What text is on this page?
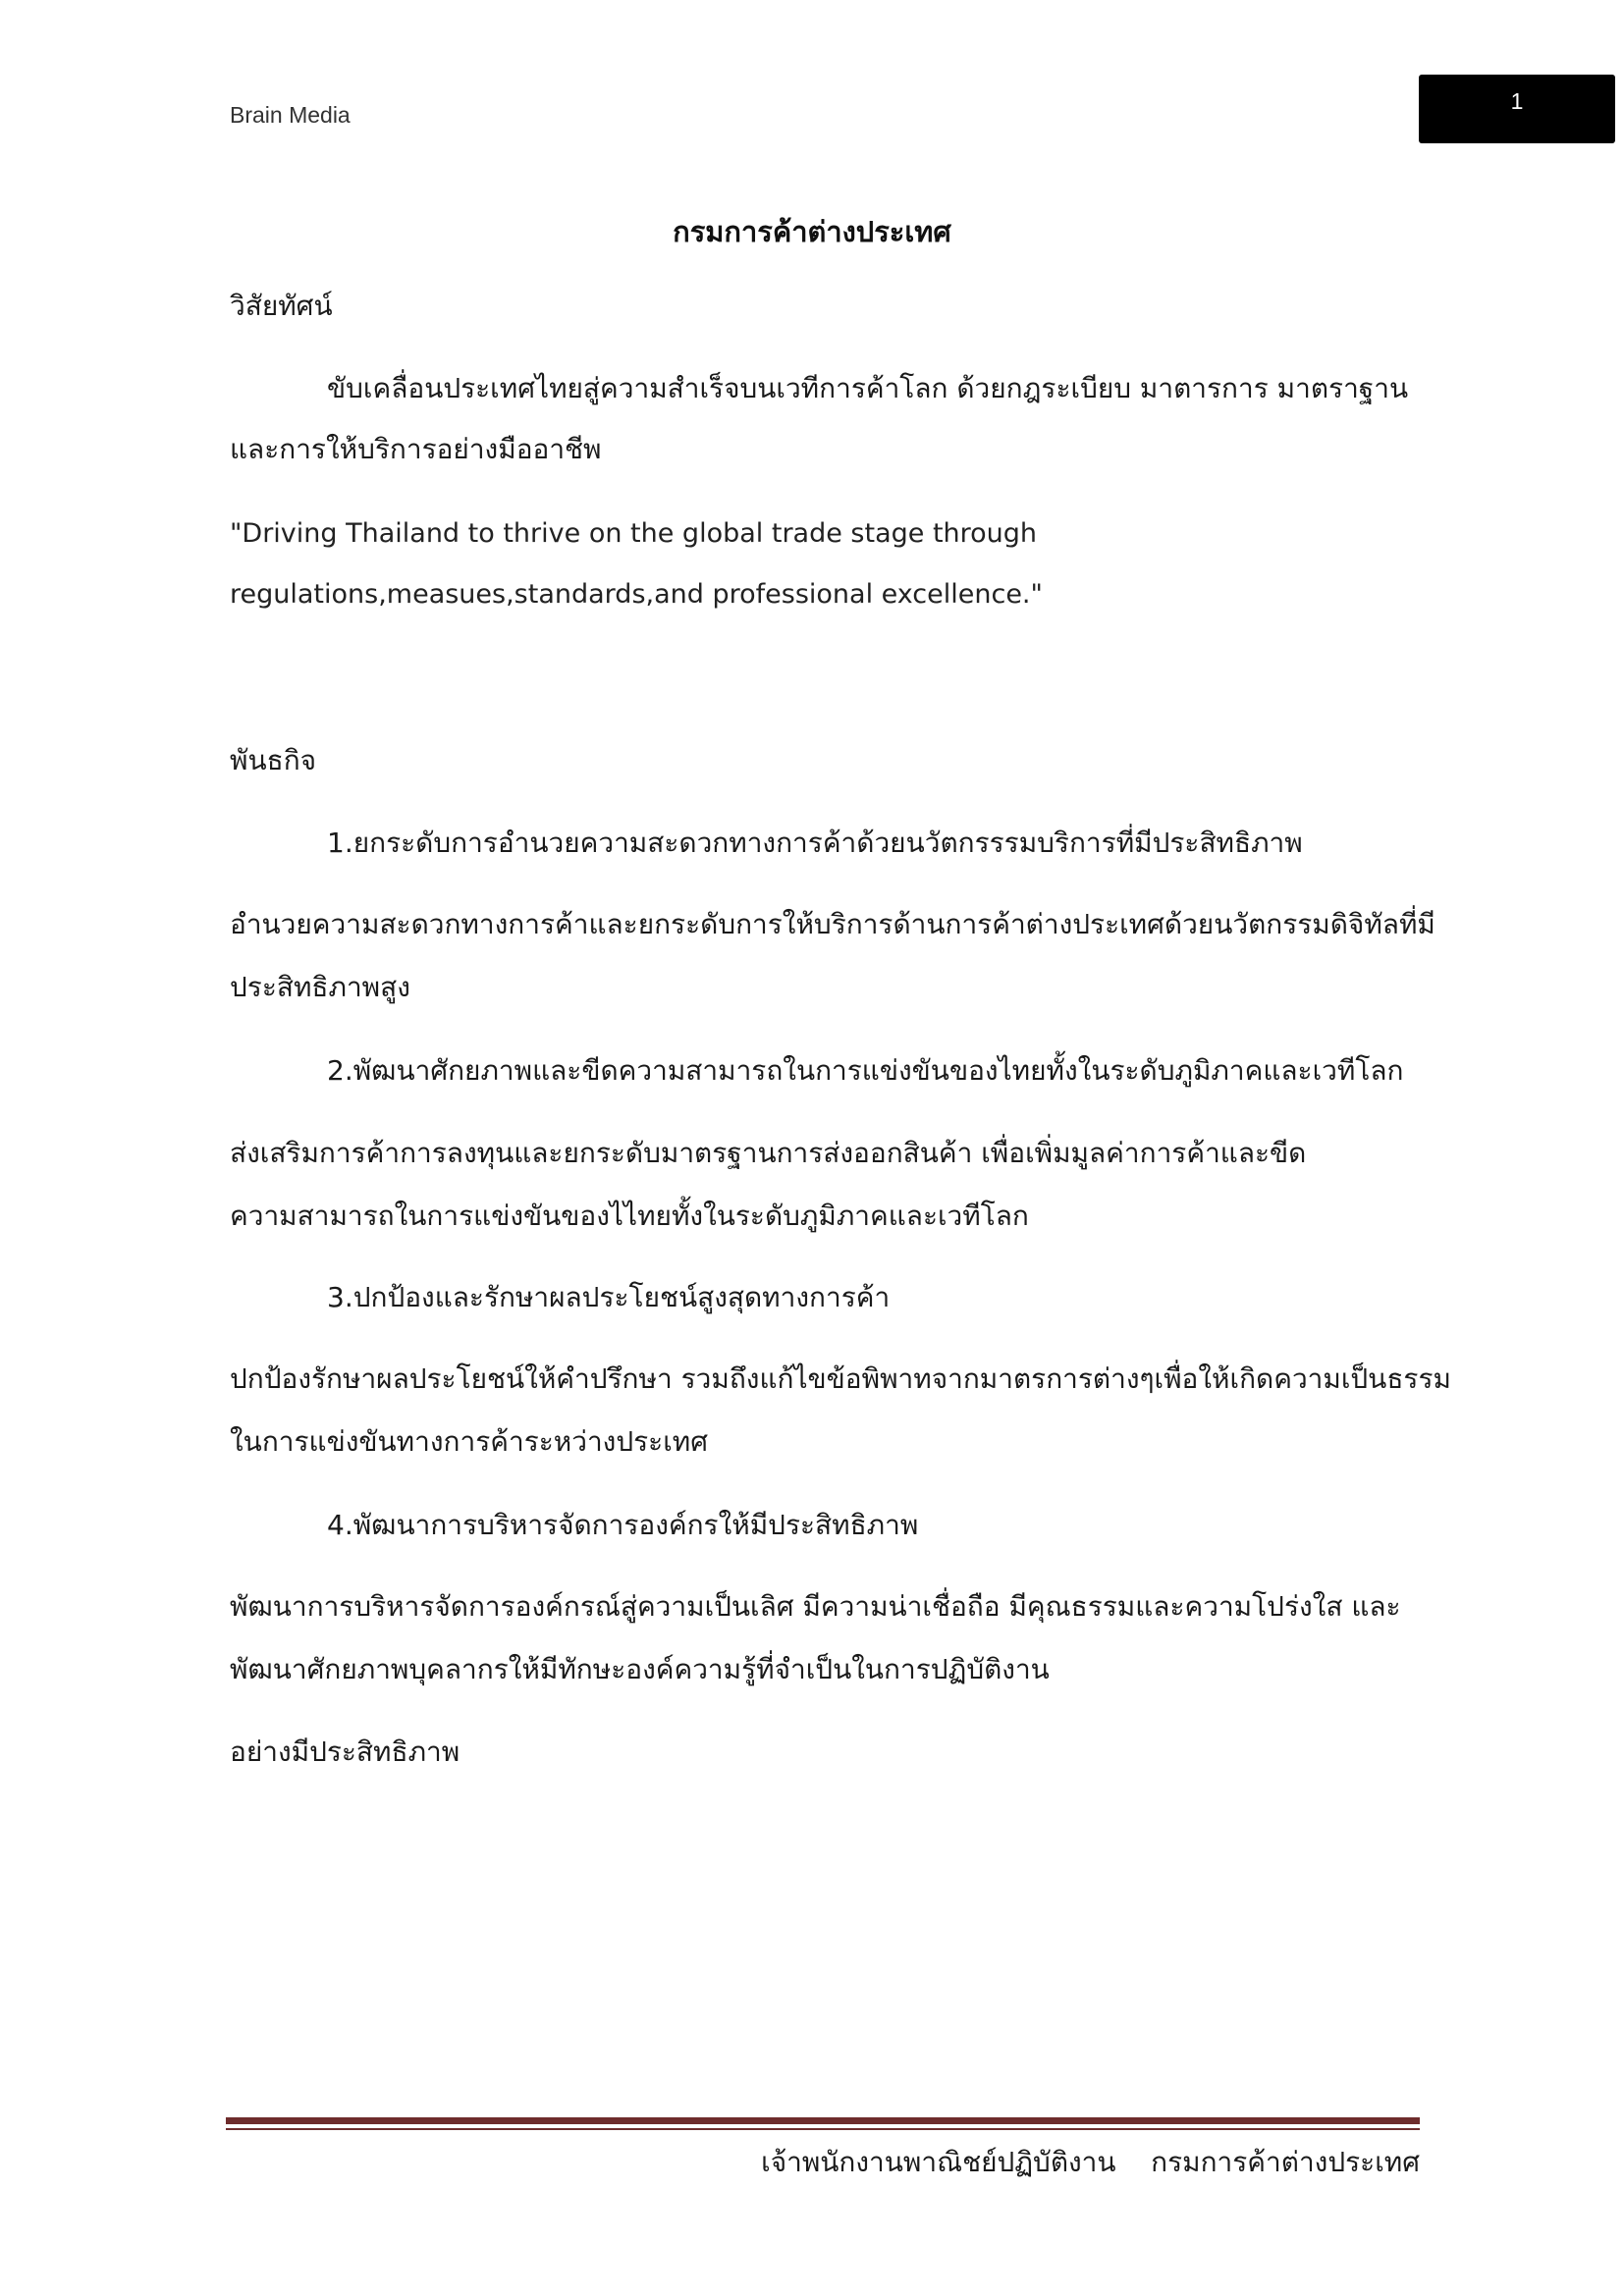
Brain Media
1
กรมการค้าต่างประเทศ

วิสัยทัศน์

ขับเคลื่อนประเทศไทยสู่ความสำเร็จบนเวทีการค้าโลก ด้วยกฎระเบียบ มาตารการ มาตราฐาน

และการให้บริการอย่างมืออาชีพ

"Driving Thailand to thrive on the global trade stage through

regulations,measues,standards,and professional excellence."

พันธกิจ

1.ยกระดับการอำนวยความสะดวกทางการค้าด้วยนวัตกรรรมบริการที่มีประสิทธิภาพ

อำนวยความสะดวกทางการค้าและยกระดับการให้บริการด้านการค้าต่างประเทศด้วยนวัตกรรมดิจิทัลที่มี

ประสิทธิภาพสูง

2.พัฒนาศักยภาพและขีดความสามารถในการแข่งขันของไทยทั้งในระดับภูมิภาคและเวทีโลก

ส่งเสริมการค้าการลงทุนและยกระดับมาตรฐานการส่งออกสินค้า เพื่อเพิ่มมูลค่าการค้าและขีด

ความสามารถในการแข่งขันของไไทยทั้งในระดับภูมิภาคและเวทีโลก

3.ปกป้องและรักษาผลประโยชน์สูงสุดทางการค้า

ปกป้องรักษาผลประโยชน์ให้คำปรึกษา รวมถึงแก้ไขข้อพิพาทจากมาตรการต่างๆเพื่อให้เกิดความเป็นธรรม

ในการแข่งขันทางการค้าระหว่างประเทศ

4.พัฒนาการบริหารจัดการองค์กรให้มีประสิทธิภาพ

พัฒนาการบริหารจัดการองค์กรณ์สู่ความเป็นเลิศ มีความน่าเชื่อถือ มีคุณธรรมและความโปร่งใส และ

พัฒนาศักยภาพบุคลากรให้มีทักษะองค์ความรู้ที่จำเป็นในการปฏิบัติงาน

อย่างมีประสิทธิภาพ

เจ้าพนักงานพาณิชย์ปฏิบัติงาน    กรมการค้าต่างประเทศ
